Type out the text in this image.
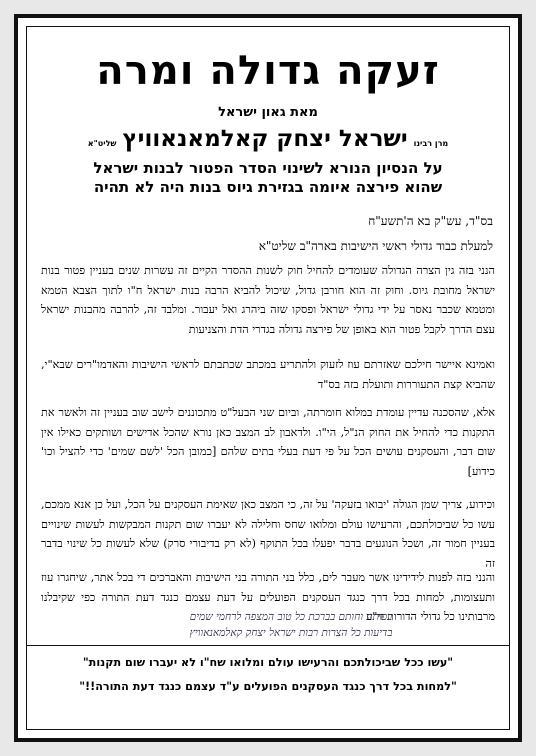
זעקה גדולה ומרה
מאת גאון ישראל
מרן רבינו
ישראל יצחק קאלמאנאוויץ
שליט"א
על הנסיון הנורא לשינוי הסדר הפטור לבנות ישראל
שהוא פירצה איומה בגזירת גיוס בנות היה לא תהיה
בס"ד, עש"ק בא ה'תשע"ח
למעלת כבוד גדולי ראשי הישיבות בארה"ב שליט"א
הנני בזה גין הצרה הגדולה שעומדים להחיל חוק לשנות ההסדר הקיים זה עשרות שנים בעניין פטור בנות ישראל מחובת גיוס. וחוק זה הוא חורבן גדול, שיכול להביא הרבה בנות ישראל ח"ו לתוך הצבא הטמא ומטמא שכבר נאסר על ידי גדולי ישראל ופסקו שזה ביהרג ואל יעבור. ומלבד זה, להרבה מהבנות ישראל עצם הדרך לקבל פטור הוא באופן של פירצה גדולה בגדרי הדת והצניעות
ואמינא איישר חילכם שאזרתם עוז לזעוק ולהתריע במכתב שכתבתם לראשי הישיבות והאדמו"רים שבא"י, שהביא קצת התעוררות ותועלת בזה בס"ד
אלא, שהסכנה עדיין עומדת במלוא חומרתה, וביום שני הבעל"ט מתכוננים לישב שוב בעניין זה ולאשר את התקנות כדי להחיל את החוק הנ"ל, הי"ו. ולדאבון לב המצב כאן נורא שהכל אדישים ושותקים כאילו אין שום דבר, והעסקנים עושים הכל על פי דעת בעלי בתים שלהם [כמובן הכל 'לשם שמים' כדי להציל וכו' כידוע]
וכידוע, צריך שמן הגולה 'יבואו בזעקה' על זה, כי המצב כאן שאימת העסקנים על הכל, ועל כן אנא ממכם, עשו כל שביכולתכם, והרעישו עולם ומלואו שחס וחלילה לא יעברו שום תקנות המבקשות לעשות שינויים בעניין חמור זה, ושכל הנוגעים בדבר יפעלו בכל התוקף (לא רק בדיבורי סרק) שלא לעשות כל שינוי בדבר זה
והנני בזה לפנות לידידינו אשר מעבר לים, כלל בני התורה בני הישיבות והאברכים די בכל אתר, שיחגרו עוז ותעצומות, למחות בכל דרך כנגד העסקנים הפועלים על דעת עצמם כנגד דעת התורה כפי שקיבלנו מרבותינו כל גדולי הדורות זי"ע
בפותח וחותם בברכת כל טוב המצפה לרחמי שמים
בדיעות כל הצרות רבות ישראל יצחק קאלמאנאוויץ
"עשו ככל שביכולתכם והרעישו עולם ומלואו שח"ו לא יעברו שום תקנות"
"למחות בכל דרך כנגד העסקנים הפועלים ע"ד עצמם כנגד דעת התורה!!"
